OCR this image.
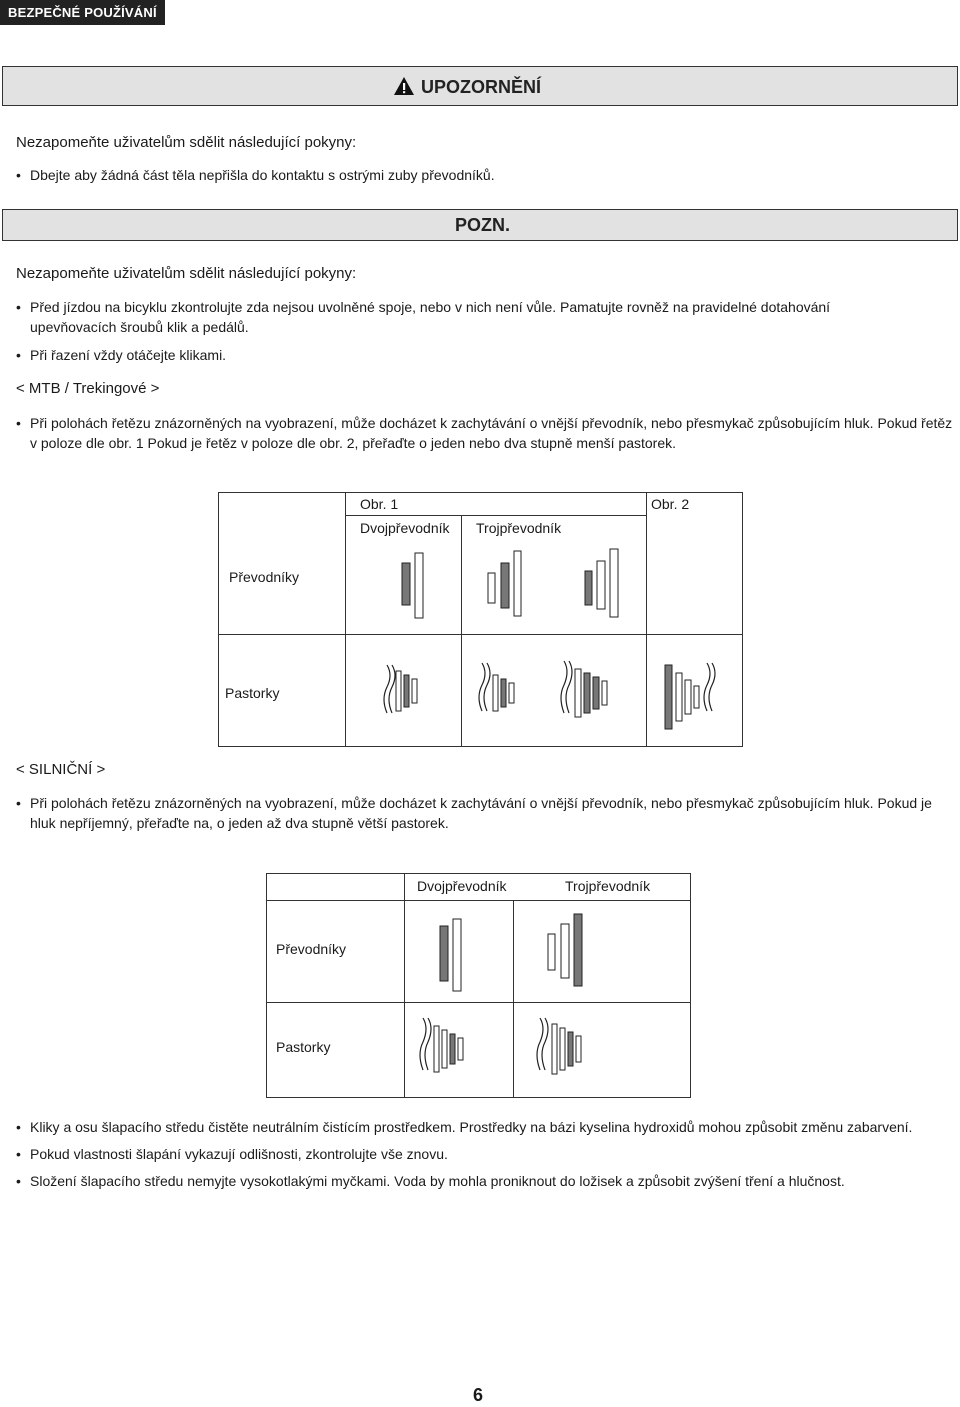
BEZPEČNÉ POUŽÍVÁNÍ
UPOZORNĚNÍ
Nezapomeňte uživatelům sdělit následující pokyny:
• Dbejte aby žádná část těla nepřišla do kontaktu s ostrými zuby převodníků.
POZN.
Nezapomeňte uživatelům sdělit následující pokyny:
• Před jízdou na bicyklu zkontrolujte zda nejsou uvolněné spoje, nebo v nich není vůle. Pamatujte rovněž na pravidelné dotahování upevňovacích šroubů klik a pedálů.
• Při řazení vždy otáčejte klikami.
< MTB / Trekingové >
• Při polohách řetězu znázorněných na vyobrazení, může docházet k zachytávání o vnější převodník, nebo přesmykač způsobujícím hluk. Pokud řetěz v poloze dle obr. 1 Pokud je řetěz v poloze dle obr. 2, přeřaďte o jeden nebo dva stupně menší pastorek.
Obr. 1	Obr. 2
Dvojpřevodník Trojpřevodník
Převodníky
Pastorky
< SILNIČNÍ >
• Při polohách řetězu znázorněných na vyobrazení, může docházet k zachytávání o vnější převodník, nebo přesmykač způsobujícím hluk. Pokud je hluk nepříjemný, přeřaďte na, o jeden až dva stupně větší pastorek.
Dvojpřevodník	Trojpřevodník
Převodníky
Pastorky
• Kliky a osu šlapacího středu čistěte neutrálním čistícím prostředkem. Prostředky na bázi kyselina hydroxidů mohou způsobit změnu zabarvení.
• Pokud vlastnosti šlapání vykazují odlišnosti, zkontrolujte vše znovu.
• Složení šlapacího středu nemyjte vysokotlakými myčkami. Voda by mohla proniknout do ložisek a způsobit zvýšení tření a hlučnost.
6
